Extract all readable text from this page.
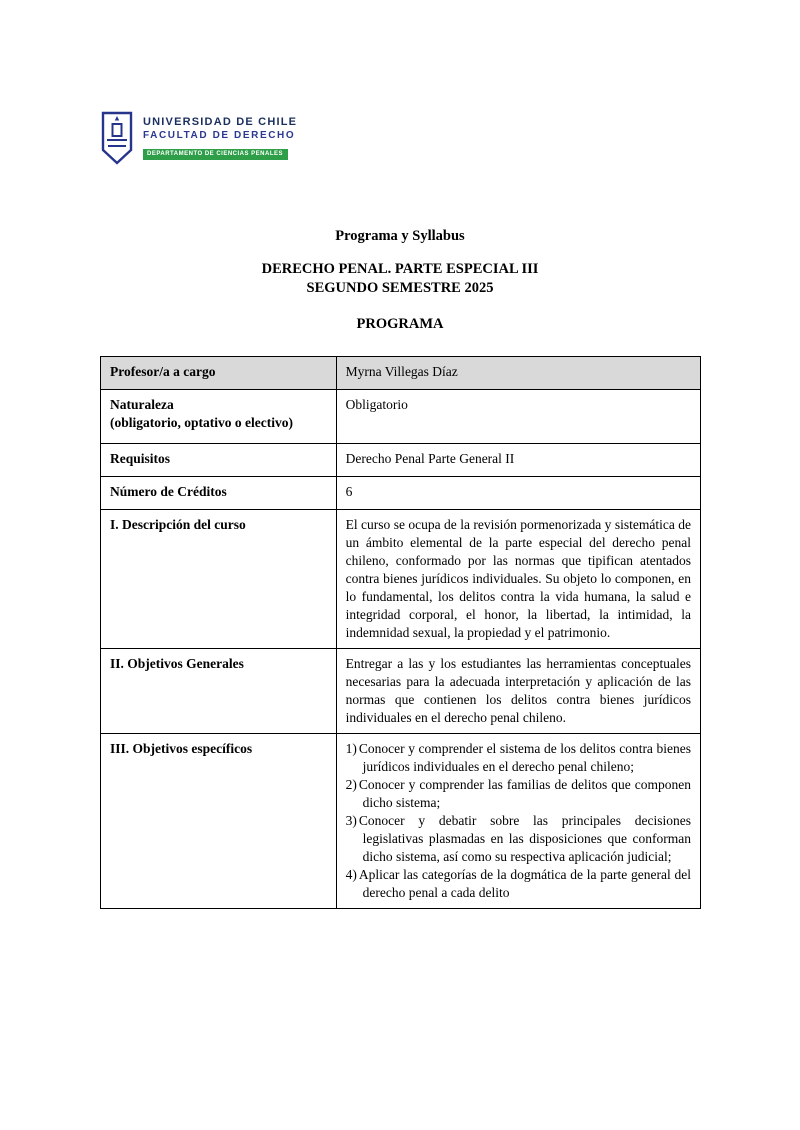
UNIVERSIDAD DE CHILE
FACULTAD DE DERECHO
DEPARTAMENTO DE CIENCIAS PENALES

Programa y Syllabus

DERECHO PENAL. PARTE ESPECIAL III

SEGUNDO SEMESTRE 2025

PROGRAMA

Profesor/a a cargo	Myrna Villegas Díaz

Naturaleza
(obligatorio, optativo o electivo)	Obligatorio
Requisitos	Derecho Penal Parte General II
Número de Créditos	6
I. Descripción del curso	El curso se ocupa de la revisión pormenorizada y sistemática de un ámbito elemental de la parte especial del derecho penal chileno, conformado por las normas que tipifican atentados contra bienes jurídicos individuales. Su objeto lo componen, en lo fundamental, los delitos contra la vida humana, la salud e integridad corporal, el honor, la libertad, la intimidad, la indemnidad sexual, la propiedad y el patrimonio.
II. Objetivos Generales	Entregar a las y los estudiantes las herramientas conceptuales necesarias para la adecuada interpretación y aplicación de las normas que contienen los delitos contra bienes jurídicos individuales en el derecho penal chileno.
III. Objetivos específicos	1) Conocer y comprender el sistema de los delitos contra bienes jurídicos individuales en el derecho penal chileno;
2) Conocer y comprender las familias de delitos que componen dicho sistema;
3) Conocer y debatir sobre las principales decisiones legislativas plasmadas en las disposiciones que conforman dicho sistema, así como su respectiva aplicación judicial;
4) Aplicar las categorías de la dogmática de la parte general del derecho penal a cada delito
